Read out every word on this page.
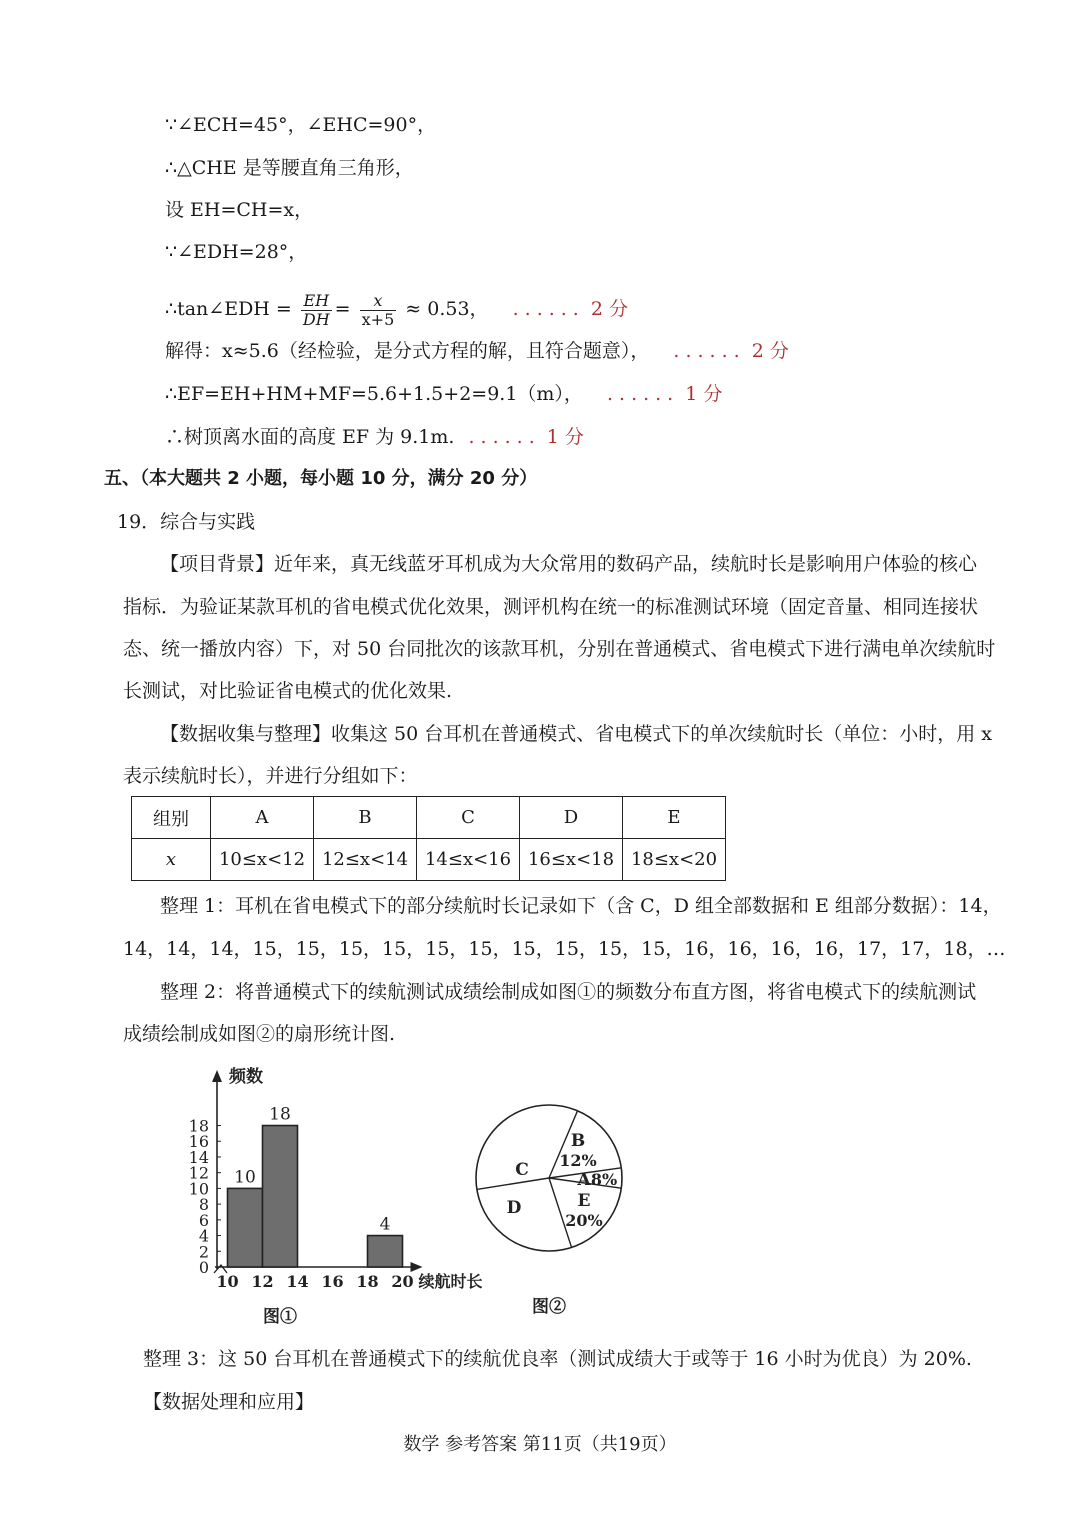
∵∠ECH=45°，∠EHC=90°，
∴△CHE 是等腰直角三角形，
设 EH=CH=x，
∵∠EDH=28°，
∴tan∠EDH = $\frac{EH}{DH} = \frac{x}{x+5} \approx 0.53$， ...... 2 分
解得：x≈5.6（经检验，是分式方程的解，且符合题意）， ...... 2 分
∴EF=EH+HM+MF=5.6+1.5+2=9.1（m）， ...... 1 分
∴树顶离水面的高度 EF 为 9.1m. ...... 1 分
五、（本大题共 2 小题，每小题 10 分，满分 20 分）
19．综合与实践
【项目背景】近年来，真无线蓝牙耳机成为大众常用的数码产品，续航时长是影响用户体验的核心
指标．为验证某款耳机的省电模式优化效果，测评机构在统一的标准测试环境（固定音量、相同连接状
态、统一播放内容）下，对 50 台同批次的该款耳机，分别在普通模式、省电模式下进行满电单次续航时
长测试，对比验证省电模式的优化效果.
【数据收集与整理】收集这 50 台耳机在普通模式、省电模式下的单次续航时长（单位：小时，用 x
表示续航时长），并进行分组如下：
组别	A	B	C	D	E
x	10≤x<12	12≤x<14	14≤x<16	16≤x<18	18≤x<20
整理 1：耳机在省电模式下的部分续航时长记录如下（含 C，D 组全部数据和 E 组部分数据）：14，
14，14，14，15，15，15，15，15，15，15，15，15，15，16，16，16，16，17，17，18，…
整理 2：将普通模式下的续航测试成绩绘制成如图①的频数分布直方图，将省电模式下的续航测试
成绩绘制成如图②的扇形统计图.
0
2
4
6
8
10
12
14
16
18
10 12 14 16 18 20
10
18
4
频数
续航时长
图①
A 8%
B
12%
C
D	E
20%
图②
整理 3：这 50 台耳机在普通模式下的续航优良率（测试成绩大于或等于 16 小时为优良）为 20%.
【数据处理和应用】
数学 参考答案 第11页（共19页）
